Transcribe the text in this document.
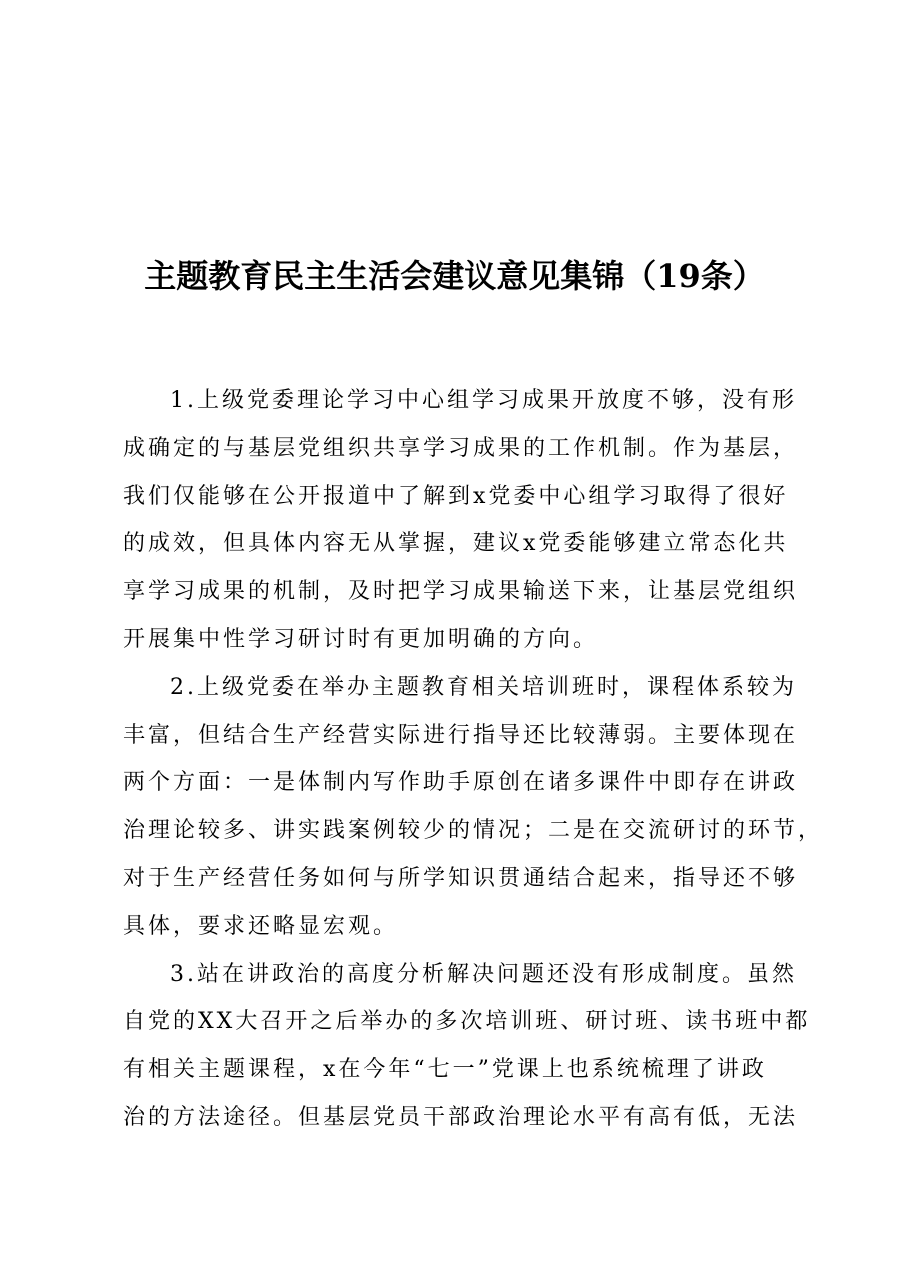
主题教育民主生活会建议意见集锦（19条）
1.上级党委理论学习中心组学习成果开放度不够，没有形
成确定的与基层党组织共享学习成果的工作机制。作为基层，
我们仅能够在公开报道中了解到x党委中心组学习取得了很好
的成效，但具体内容无从掌握，建议x党委能够建立常态化共
享学习成果的机制，及时把学习成果输送下来，让基层党组织
开展集中性学习研讨时有更加明确的方向。
2.上级党委在举办主题教育相关培训班时，课程体系较为
丰富，但结合生产经营实际进行指导还比较薄弱。主要体现在
两个方面：一是体制内写作助手原创在诸多课件中即存在讲政
治理论较多、讲实践案例较少的情况；二是在交流研讨的环节，
对于生产经营任务如何与所学知识贯通结合起来，指导还不够
具体，要求还略显宏观。
3.站在讲政治的高度分析解决问题还没有形成制度。虽然
自党的XX大召开之后举办的多次培训班、研讨班、读书班中都
有相关主题课程，x在今年“七一”党课上也系统梳理了讲政
治的方法途径。但基层党员干部政治理论水平有高有低，无法
